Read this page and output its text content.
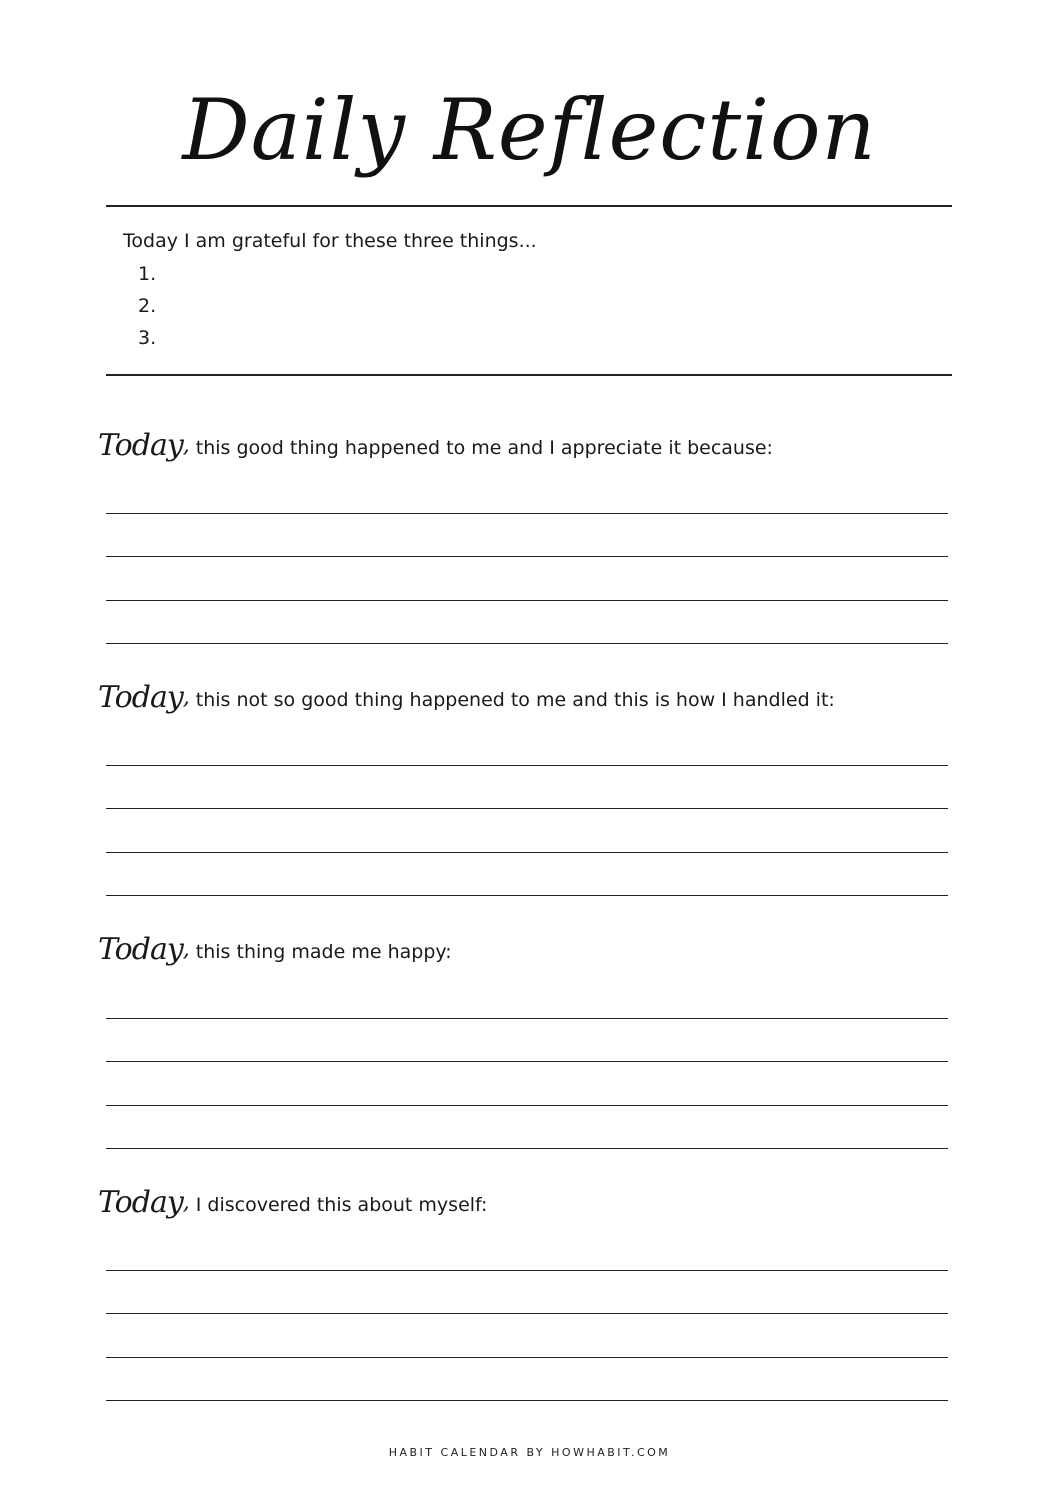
Daily Reflection
Today I am grateful for these three things...
1.
2.
3.
Today, this good thing happened to me and I appreciate it because:
Today, this not so good thing happened to me and this is how I handled it:
Today, this thing made me happy:
Today, I discovered this about myself:
HABIT CALENDAR BY HOWHABIT.COM
